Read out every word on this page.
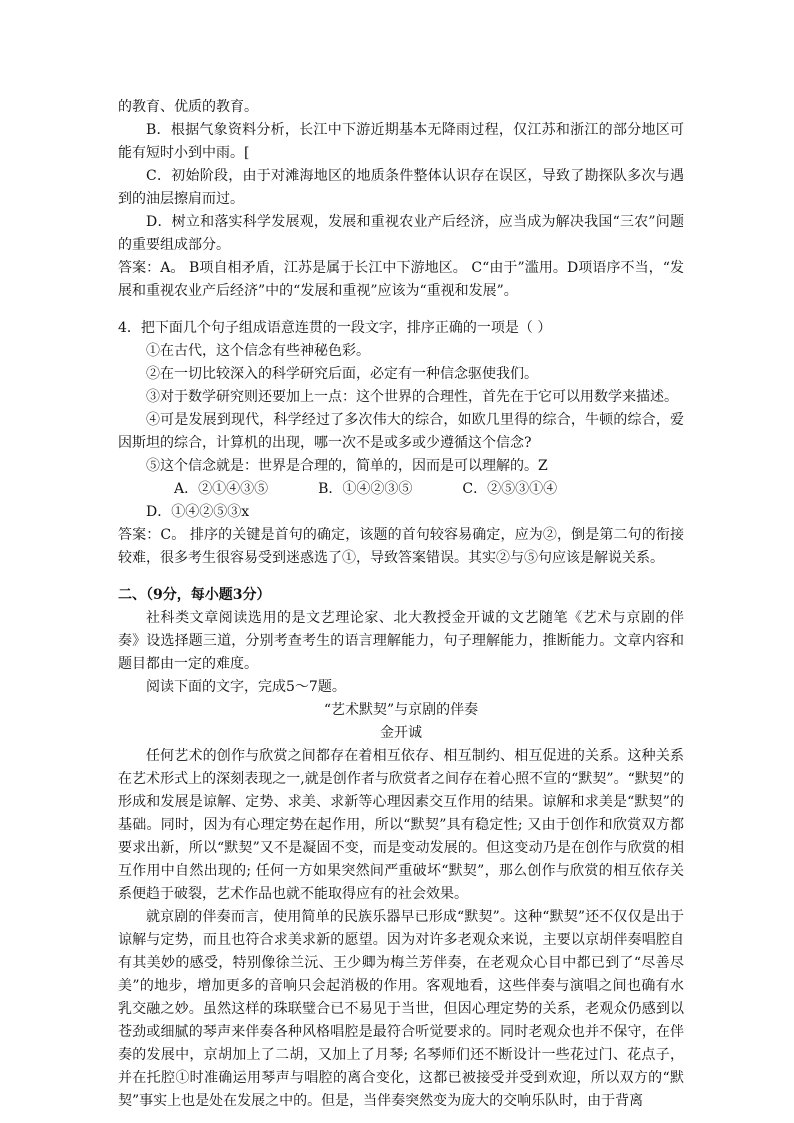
的教育、优质的教育。

B．根据气象资料分析，长江中下游近期基本无降雨过程，仅江苏和浙江的部分地区可能有短时小到中雨。[

C．初始阶段，由于对滩海地区的地质条件整体认识存在误区，导致了勘探队多次与遇到的油层擦肩而过。

D．树立和落实科学发展观，发展和重视农业产后经济，应当成为解决我国“三农”问题的重要组成部分。

答案：A。 B项自相矛盾，江苏是属于长江中下游地区。 C“由于”滥用。D项语序不当，“发展和重视农业产后经济”中的“发展和重视”应该为“重视和发展”。

4．把下面几个句子组成语意连贯的一段文字，排序正确的一项是（ ）

①在古代，这个信念有些神秘色彩。

②在一切比较深入的科学研究后面，必定有一种信念驱使我们。

③对于数学研究则还要加上一点：这个世界的合理性，首先在于它可以用数学来描述。

④可是发展到现代，科学经过了多次伟大的综合，如欧几里得的综合，牛顿的综合，爱因斯坦的综合，计算机的出现，哪一次不是或多或少遵循这个信念?

⑤这个信念就是：世界是合理的，简单的，因而是可以理解的。Z

A．②①④③⑤	B．①④②③⑤	C．②⑤③①④D．①④②⑤③x

答案：C。 排序的关键是首句的确定，该题的首句较容易确定，应为②，倒是第二句的衔接较难，很多考生很容易受到迷惑选了①，导致答案错误。其实②与⑤句应该是解说关系。

二、（9分，每小题3分）

社科类文章阅读选用的是文艺理论家、北大教授金开诚的文艺随笔《艺术与京剧的伴奏》设选择题三道，分别考查考生的语言理解能力，句子理解能力，推断能力。文章内容和题目都由一定的难度。

阅读下面的文字，完成5～7题。

“艺术默契”与京剧的伴奏

金开诚

任何艺术的创作与欣赏之间都存在着相互依存、相互制约、相互促进的关系。这种关系在艺术形式上的深刻表现之一,就是创作者与欣赏者之间存在着心照不宣的“默契”。“默契”的形成和发展是谅解、定势、求美、求新等心理因素交互作用的结果。谅解和求美是“默契”的基础。同时，因为有心理定势在起作用，所以“默契”具有稳定性; 又由于创作和欣赏双方都要求出新，所以“默契”又不是凝固不变，而是变动发展的。但这变动乃是在创作与欣赏的相互作用中自然出现的; 任何一方如果突然间严重破坏“默契”，那么创作与欣赏的相互依存关系便趋于破裂，艺术作品也就不能取得应有的社会效果。

就京剧的伴奏而言，使用简单的民族乐器早已形成“默契”。这种“默契”还不仅仅是出于谅解与定势，而且也符合求美求新的愿望。因为对许多老观众来说，主要以京胡伴奏唱腔自有其美妙的感受，特别像徐兰沅、王少卿为梅兰芳伴奏，在老观众心目中都已到了“尽善尽美”的地步，增加更多的音响只会起消极的作用。客观地看，这些伴奏与演唱之间也确有水乳交融之妙。虽然这样的珠联璧合已不易见于当世，但因心理定势的关系，老观众仍感到以苍劲或细腻的琴声来伴奏各种风格唱腔是最符合听觉要求的。同时老观众也并不保守，在伴奏的发展中，京胡加上了二胡，又加上了月琴; 名琴师们还不断设计一些花过门、花点子，并在托腔①时准确运用琴声与唱腔的离合变化，这都已被接受并受到欢迎，所以双方的“默契”事实上也是处在发展之中的。但是，当伴奏突然变为庞大的交响乐队时，由于背离
